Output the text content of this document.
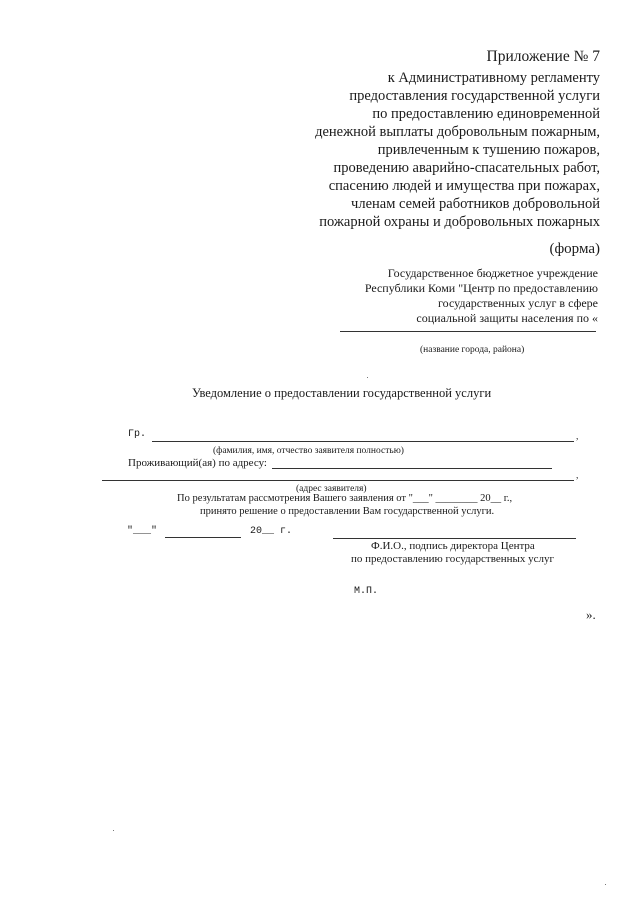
Приложение № 7
к Административному регламенту
предоставления государственной услуги
по предоставлению единовременной
денежной выплаты добровольным пожарным,
привлеченным к тушению пожаров,
проведению аварийно-спасательных работ,
спасению людей и имущества при пожарах,
членам семей работников добровольной
пожарной охраны и добровольных пожарных
(форма)
Государственное бюджетное учреждение
Республики Коми "Центр по предоставлению
государственных услуг в сфере
социальной защиты населения по «
(название города, района)
Уведомление о предоставлении государственной услуги
Гр.	,
(фамилия, имя, отчество заявителя полностью)
Проживающий(ая) по адресу:
,
(адрес заявителя)
По результатам рассмотрения Вашего заявления от "___" ________ 20__ г.,
принято решение о предоставлении Вам государственной услуги.
"___"	20__ г.
Ф.И.О., подпись директора Центра
по предоставлению государственных услуг
М.П.
».
